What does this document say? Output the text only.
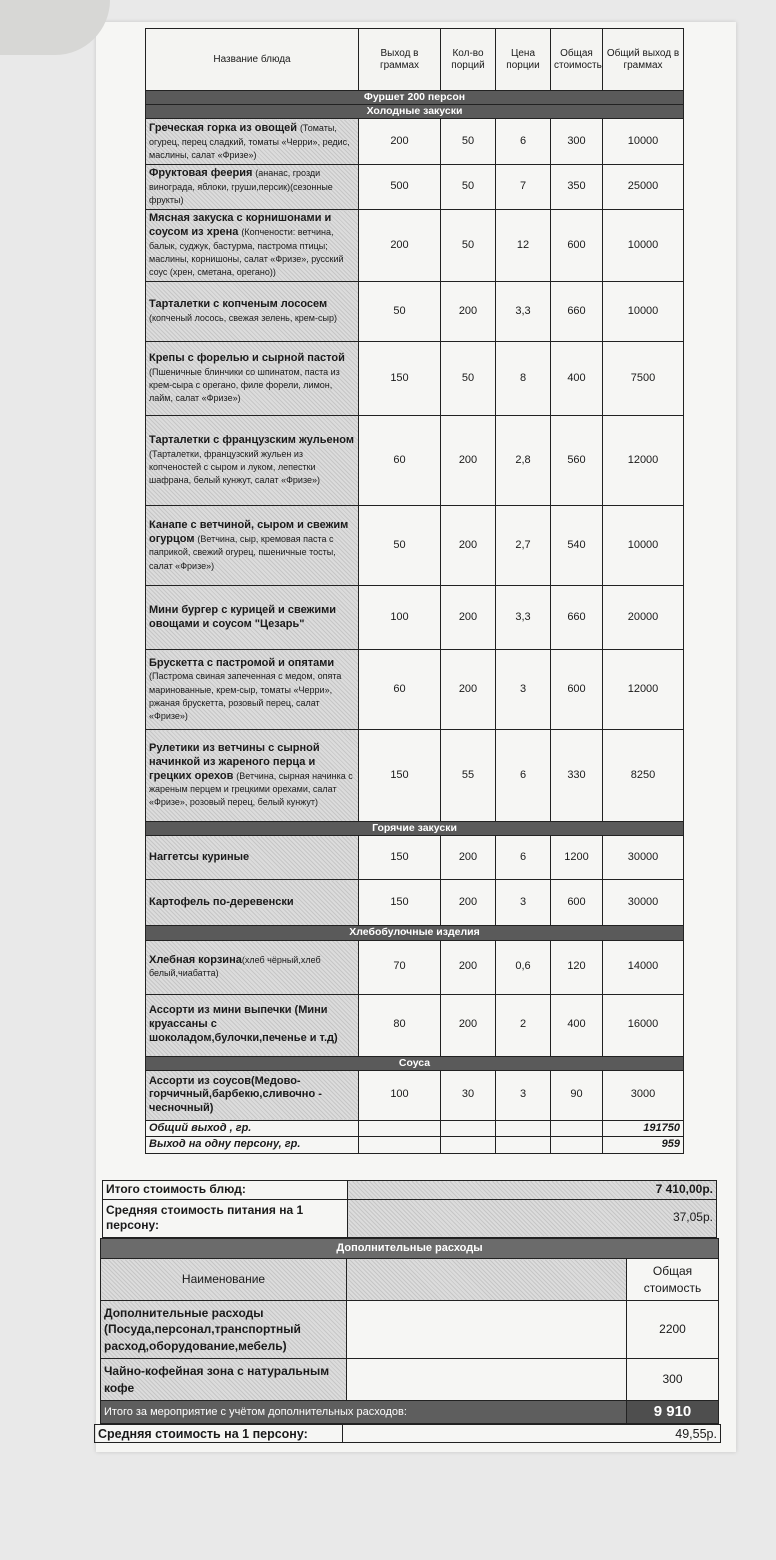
Название блюда	Выход в граммах	Кол-во порций	Цена порции	Общая стоимость	Общий выход в граммах
Фуршет 200 персон					
Холодные закуски					
Греческая горка из овощей (Томаты, огурец, перец сладкий, томаты «Черри», редис, маслины, салат «Фризе»)	200	50	6	300	10000
Фруктовая феерия (ананас, грозди винограда, яблоки, груши,персик)(сезонные фрукты)	500	50	7	350	25000
Мясная закуска с корнишонами и соусом из хрена (Копчености: ветчина, балык, суджук, бастурма, пастрома птицы; маслины, корнишоны, салат «Фризе», русский соус (хрен, сметана, орегано))	200	50	12	600	10000
Тарталетки с копченым лососем (копченый лосось, свежая зелень, крем-сыр)	50	200	3,3	660	10000
Крепы с форелью и сырной пастой (Пшеничные блинчики со шпинатом, паста из крем-сыра с орегано, филе форели, лимон, лайм, салат «Фризе»)	150	50	8	400	7500
Тарталетки с французским жульеном (Тарталетки, французский жульен из копченостей с сыром и луком, лепестки шафрана, белый кунжут, салат «Фризе»)	60	200	2,8	560	12000
Канапе с ветчиной, сыром и свежим огурцом (Ветчина, сыр, кремовая паста с паприкой, свежий огурец, пшеничные тосты, салат «Фризе»)	50	200	2,7	540	10000
Мини бургер с курицей и свежими овощами и соусом "Цезарь"	100	200	3,3	660	20000
Брускетта с пастромой и опятами (Пастрома свиная запеченная с медом, опята маринованные, крем-сыр, томаты «Черри», ржаная брускетта, розовый перец, салат «Фризе»)	60	200	3	600	12000
Рулетики из ветчины с сырной начинкой из жареного перца и грецких орехов (Ветчина, сырная начинка с жареным перцем и грецкими орехами, салат «Фризе», розовый перец, белый кунжут)	150	55	6	330	8250
Горячие закуски					
Наггетсы куриные	150	200	6	1200	30000
Картофель по-деревенски	150	200	3	600	30000
Хлебобулочные изделия					
Хлебная корзина(хлеб чёрный,хлеб белый,чиабатта)	70	200	0,6	120	14000
Ассорти из мини выпечки (Мини круассаны с шоколадом,булочки,печенье и т.д)	80	200	2	400	16000
Соуса					
Ассорти из соусов(Медово-горчичный,барбекю,сливочно - чесночный)	100	30	3	90	3000
Общий выход , гр.					191750
Выход на одну персону, гр.					959
Итого стоимость блюд:	7 410,00р.
Средняя стоимость питания на 1 персону:	37,05р.
Дополнительные расходы		
Наименование		Общая стоимость
Дополнительные расходы (Посуда,персонал,транспортный расход,оборудование,мебель)		2200
Чайно-кофейная зона с натуральным кофе		300
Итого за мероприятие с учётом дополнительных расходов:		9 910
Средняя стоимость на 1 персону:	49,55р.
